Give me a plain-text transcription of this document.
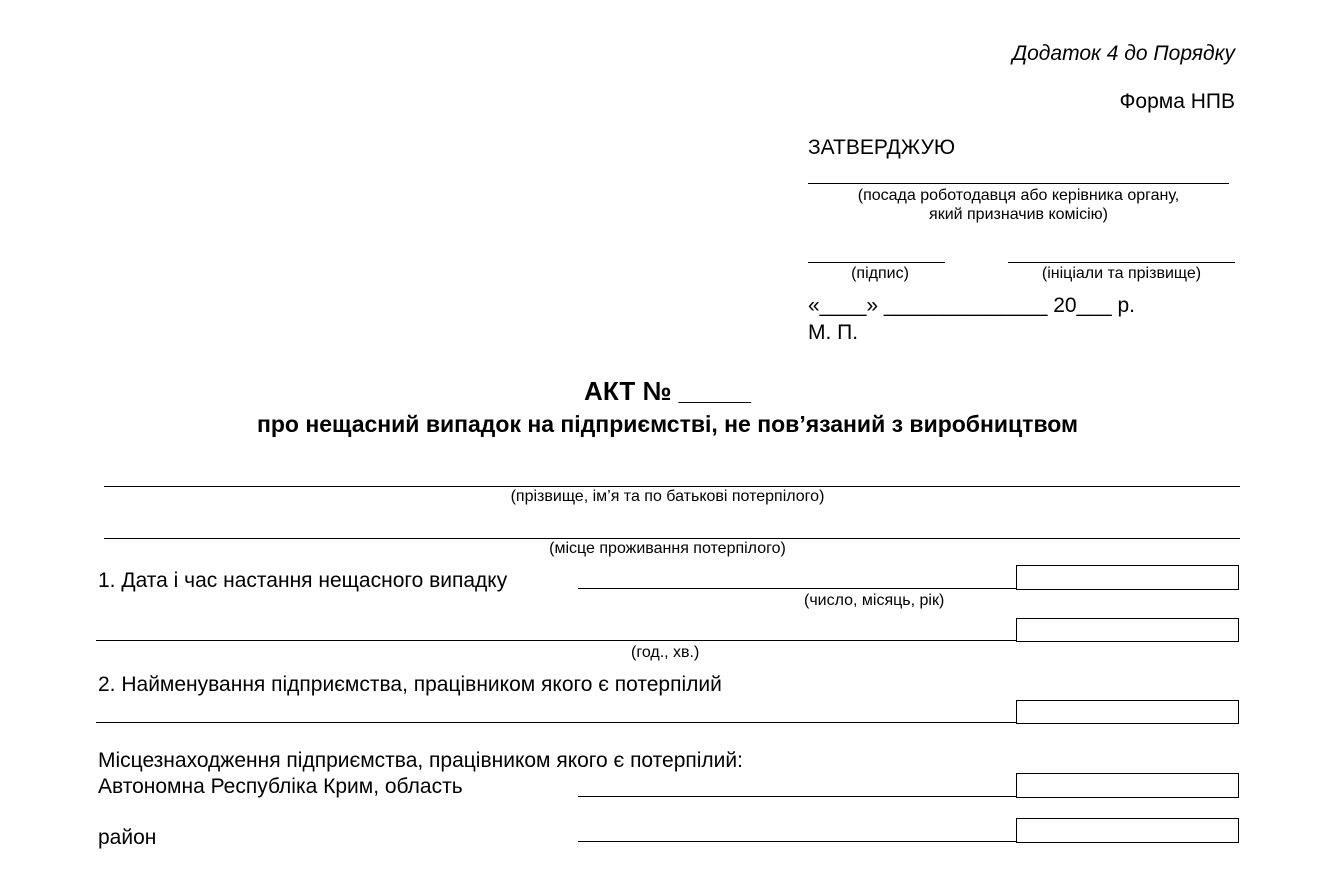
Додаток 4 до Порядку
Форма НПВ
ЗАТВЕРДЖУЮ
(посада роботодавця або керівника органу,
який призначив комісію)
(підпис)	(ініціали та прізвище)
«____» ______________ 20___ р.
М. П.
АКТ № _____
про нещасний випадок на підприємстві, не пов’язаний з виробництвом
(прізвище, ім’я та по батькові потерпілого)
(місце проживання потерпілого)
1. Дата і час настання нещасного випадку
(число, місяць, рік)
(год., хв.)
2. Найменування підприємства, працівником якого є потерпілий
Місцезнаходження підприємства, працівником якого є потерпілий:
Автономна Республіка Крим, область
район
